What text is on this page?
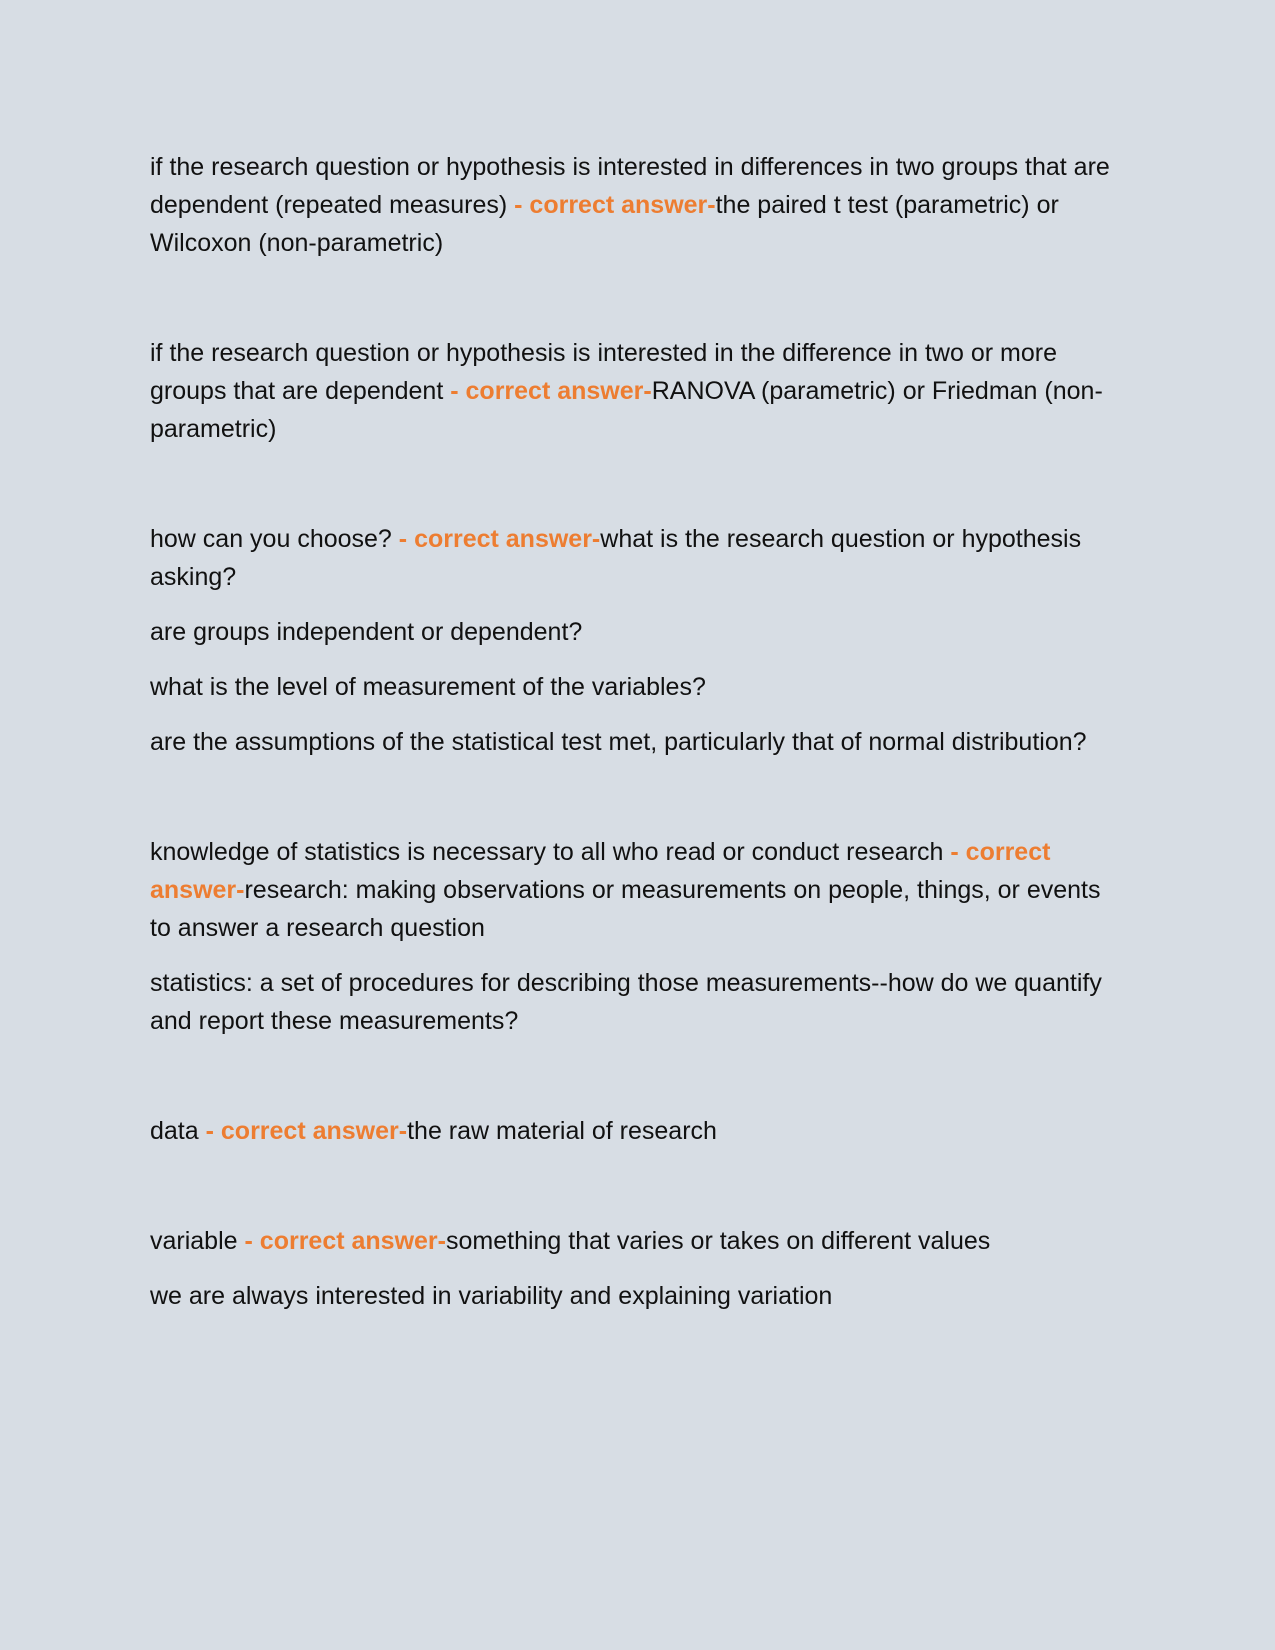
if the research question or hypothesis is interested in differences in two groups that are dependent (repeated measures) - correct answer-the paired t test (parametric) or Wilcoxon (non-parametric)

if the research question or hypothesis is interested in the difference in two or more groups that are dependent - correct answer-RANOVA (parametric) or Friedman (non-parametric)

how can you choose? - correct answer-what is the research question or hypothesis asking?

are groups independent or dependent?

what is the level of measurement of the variables?

are the assumptions of the statistical test met, particularly that of normal distribution?

knowledge of statistics is necessary to all who read or conduct research - correct answer-research: making observations or measurements on people, things, or events to answer a research question

statistics: a set of procedures for describing those measurements--how do we quantify and report these measurements?

data - correct answer-the raw material of research

variable - correct answer-something that varies or takes on different values

we are always interested in variability and explaining variation
